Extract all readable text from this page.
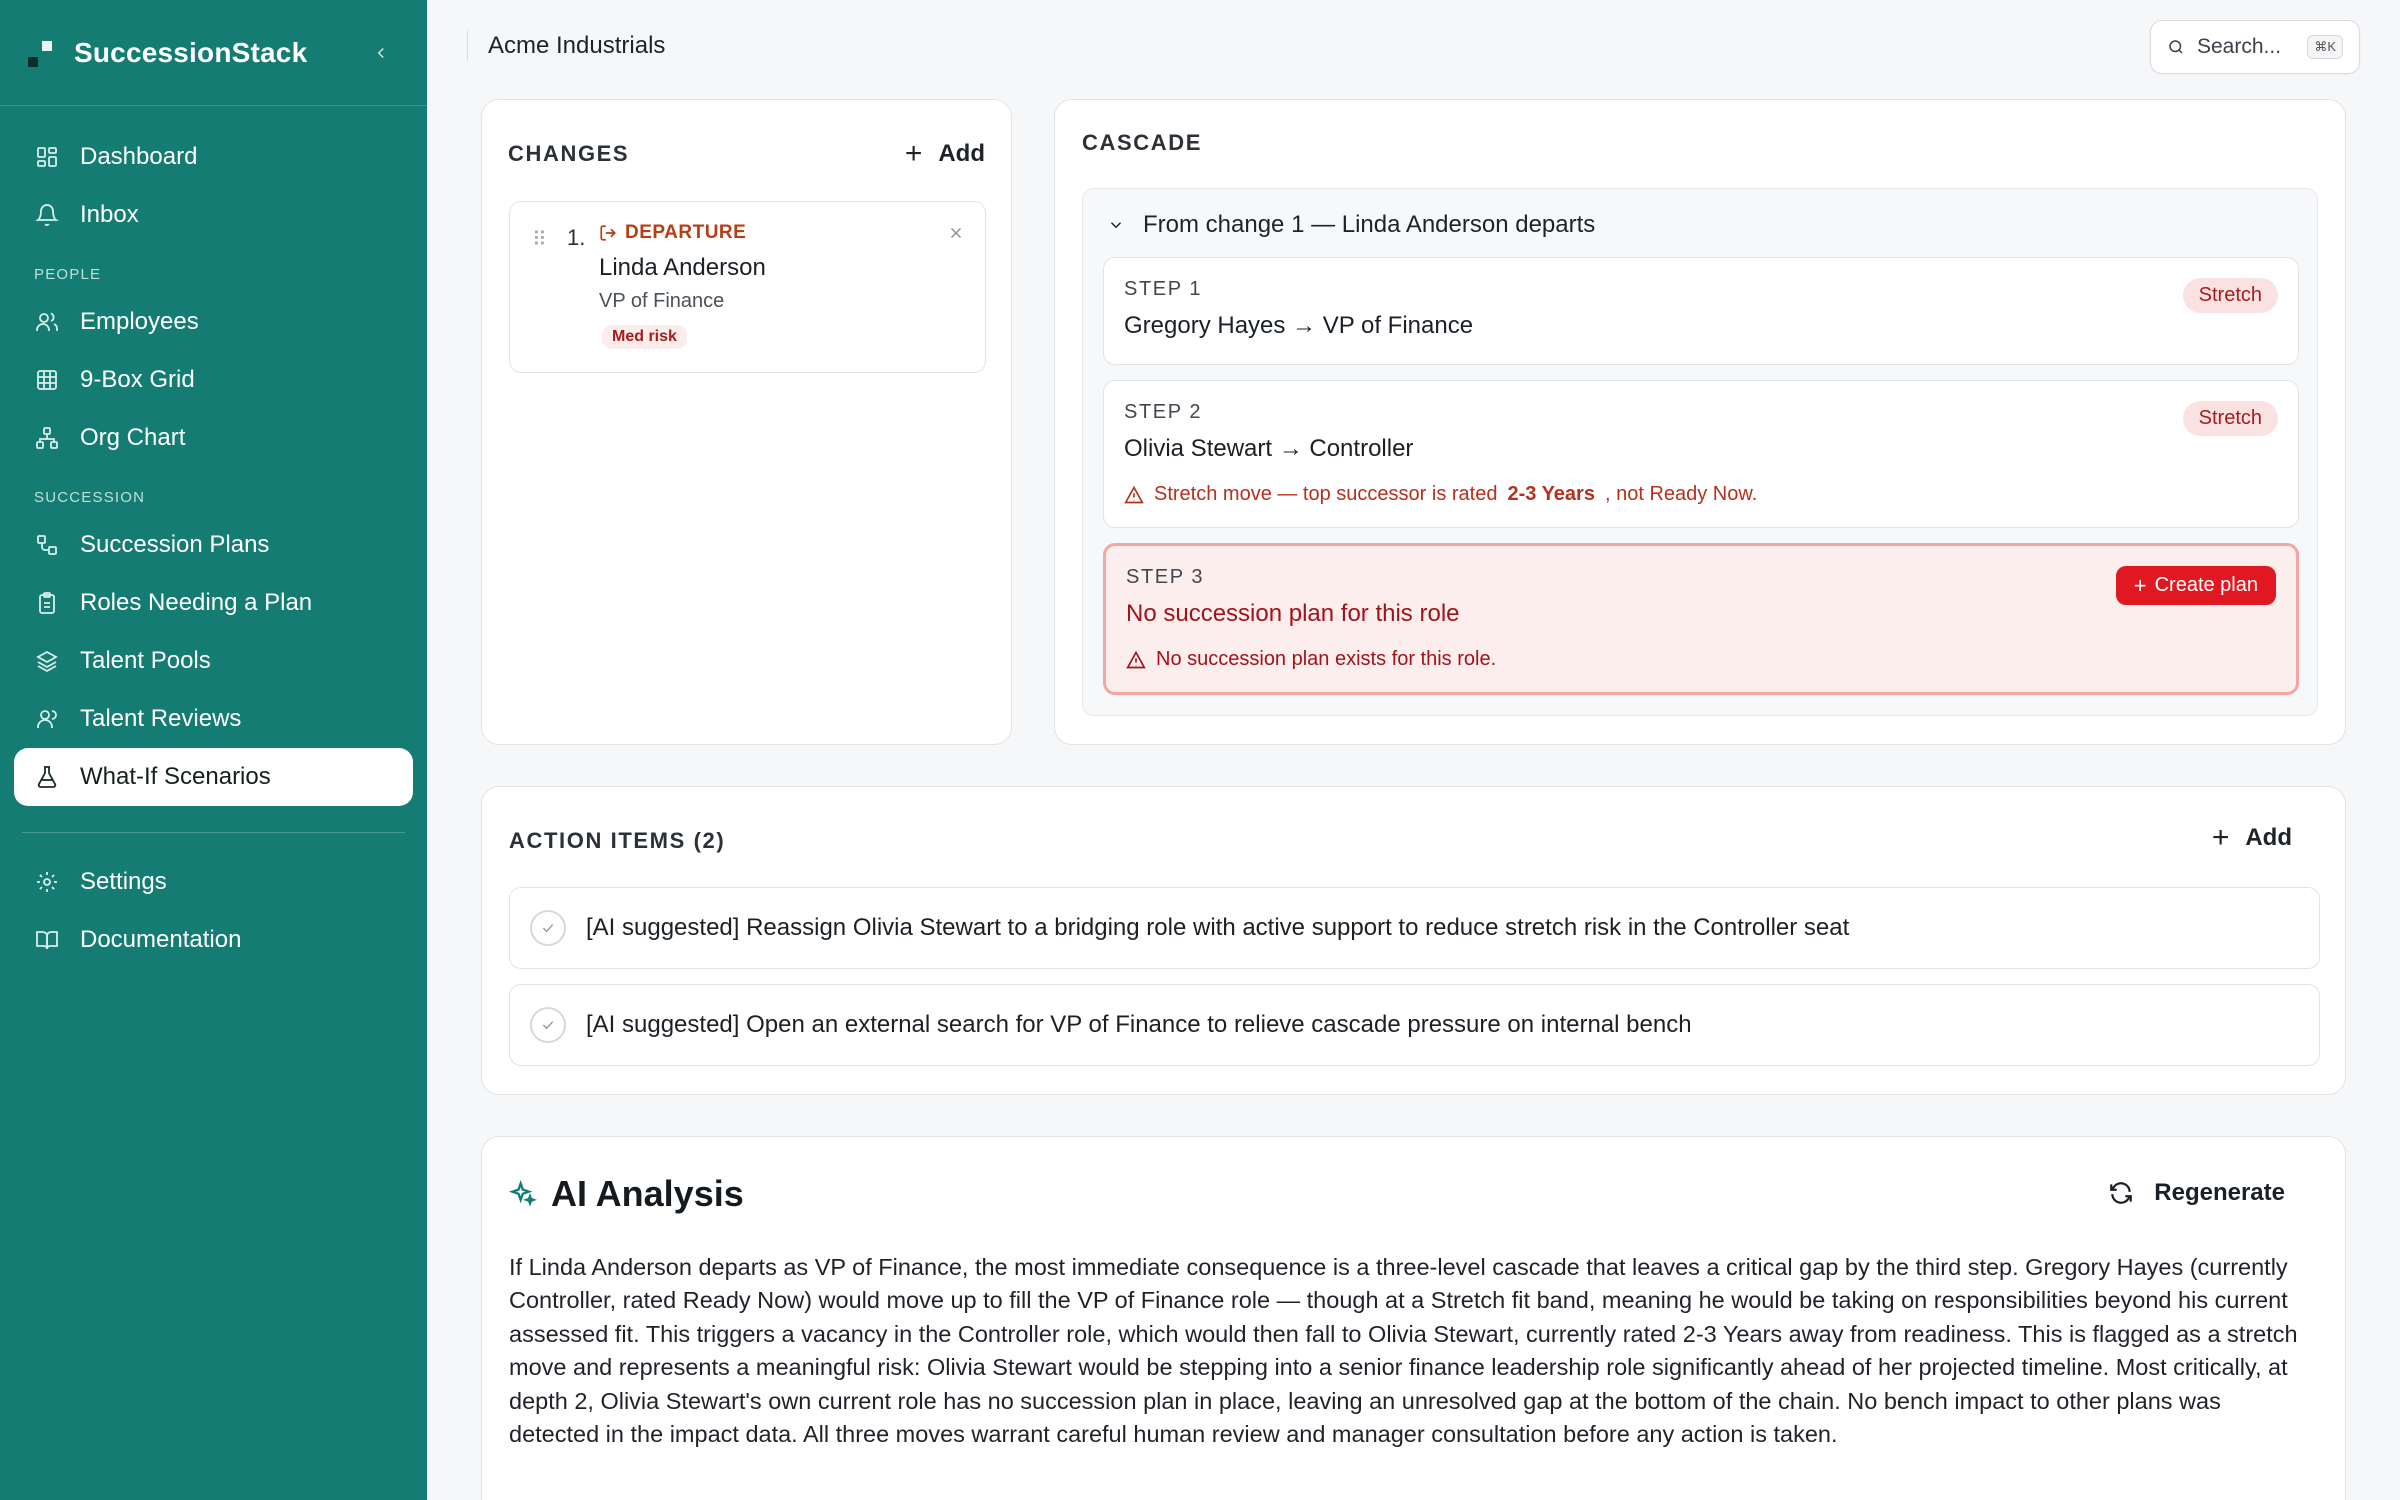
SuccessionStack
Dashboard
Inbox
PEOPLE
Employees
9-Box Grid
Org Chart
SUCCESSION
Succession Plans
Roles Needing a Plan
Talent Pools
Talent Reviews
What-If Scenarios
Settings
Documentation
Acme Industrials	Search...	⌘K
CHANGES	+ Add
⠿ 1. DEPARTURE
Linda Anderson
VP of Finance
Med risk
CASCADE
From change 1 — Linda Anderson departs
STEP 1
Gregory Hayes → VP of Finance
Stretch
STEP 2
Olivia Stewart → Controller
Stretch
Stretch move — top successor is rated 2-3 Years , not Ready Now.
STEP 3
No succession plan for this role
+ Create plan
No succession plan exists for this role.
ACTION ITEMS (2)	+ Add
[AI suggested] Reassign Olivia Stewart to a bridging role with active support to reduce stretch risk in the Controller seat
[AI suggested] Open an external search for VP of Finance to relieve cascade pressure on internal bench
AI Analysis	Regenerate

If Linda Anderson departs as VP of Finance, the most immediate consequence is a three-level cascade that leaves a critical gap by the third step. Gregory Hayes (currently Controller, rated Ready Now) would move up to fill the VP of Finance role — though at a Stretch fit band, meaning he would be taking on responsibilities beyond his current assessed fit. This triggers a vacancy in the Controller role, which would then fall to Olivia Stewart, currently rated 2-3 Years away from readiness. This is flagged as a stretch move and represents a meaningful risk: Olivia Stewart would be stepping into a senior finance leadership role significantly ahead of her projected timeline. Most critically, at depth 2, Olivia Stewart's own current role has no succession plan in place, leaving an unresolved gap at the bottom of the chain. No bench impact to other plans was detected in the impact data. All three moves warrant careful human review and manager consultation before any action is taken.
